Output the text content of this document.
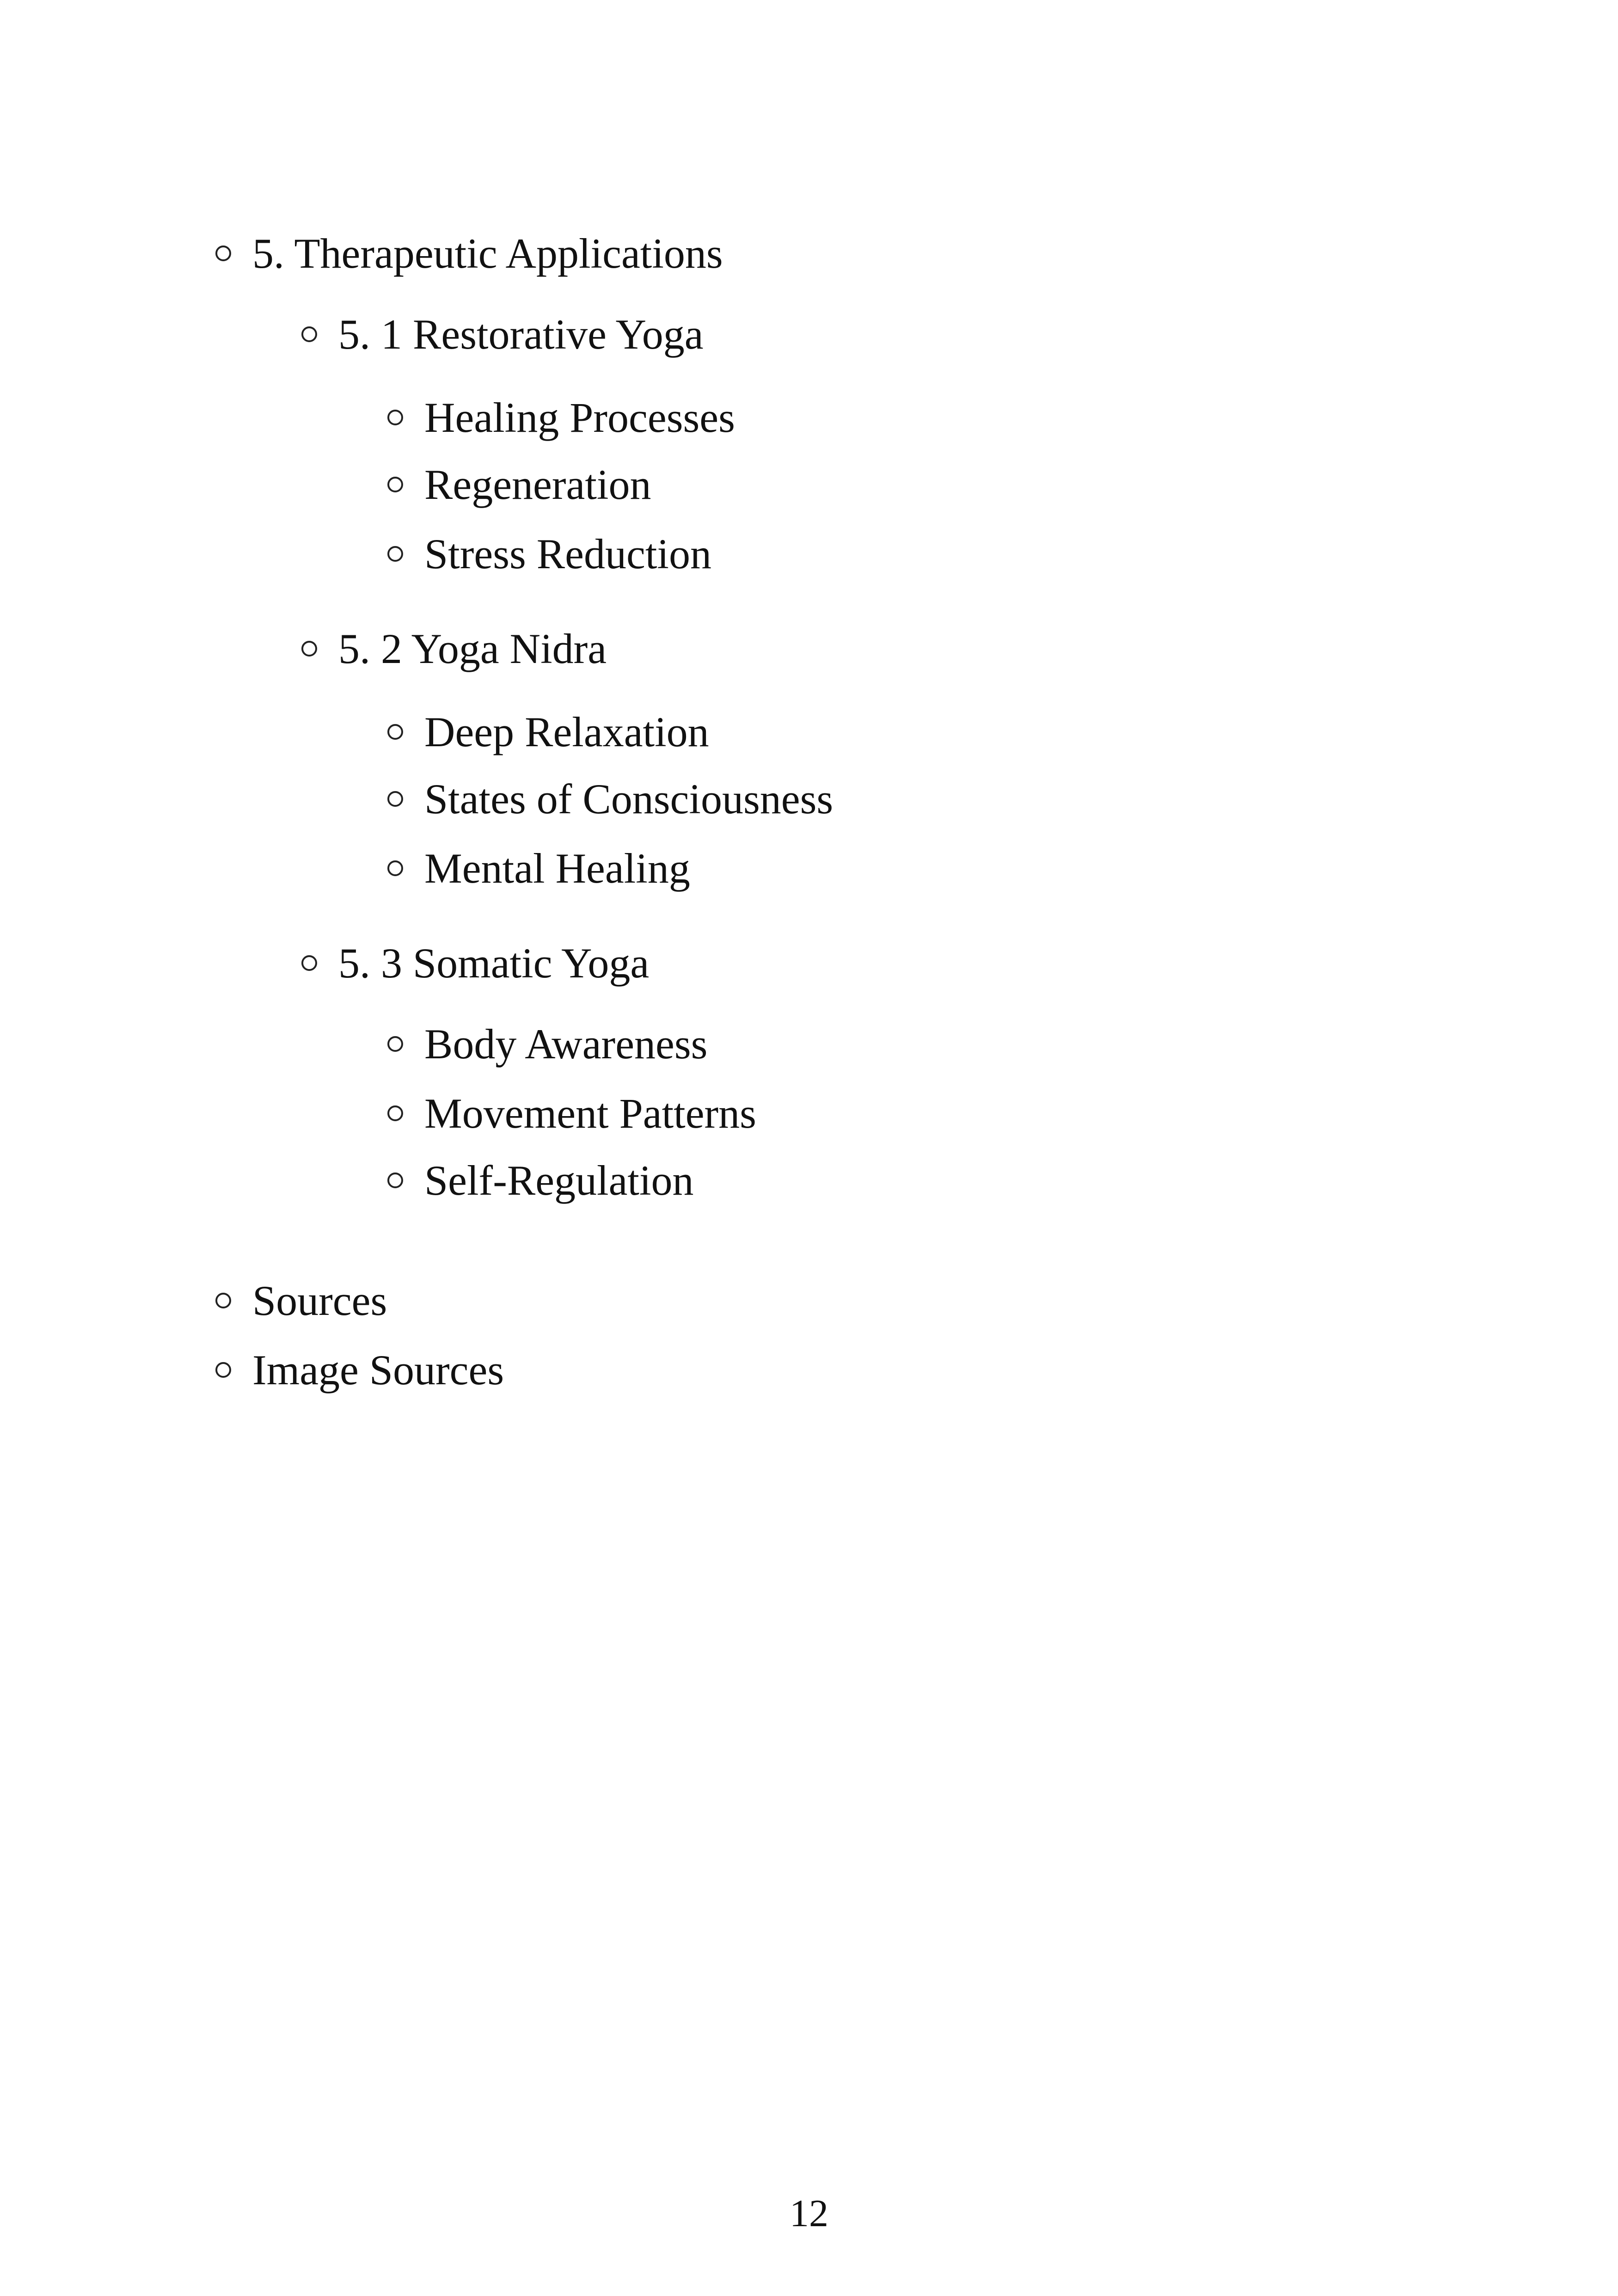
5. Therapeutic Applications
5. 1 Restorative Yoga
Healing Processes
Regeneration
Stress Reduction
5. 2 Yoga Nidra
Deep Relaxation
States of Consciousness
Mental Healing
5. 3 Somatic Yoga
Body Awareness
Movement Patterns
Self-Regulation
Sources
Image Sources
12
